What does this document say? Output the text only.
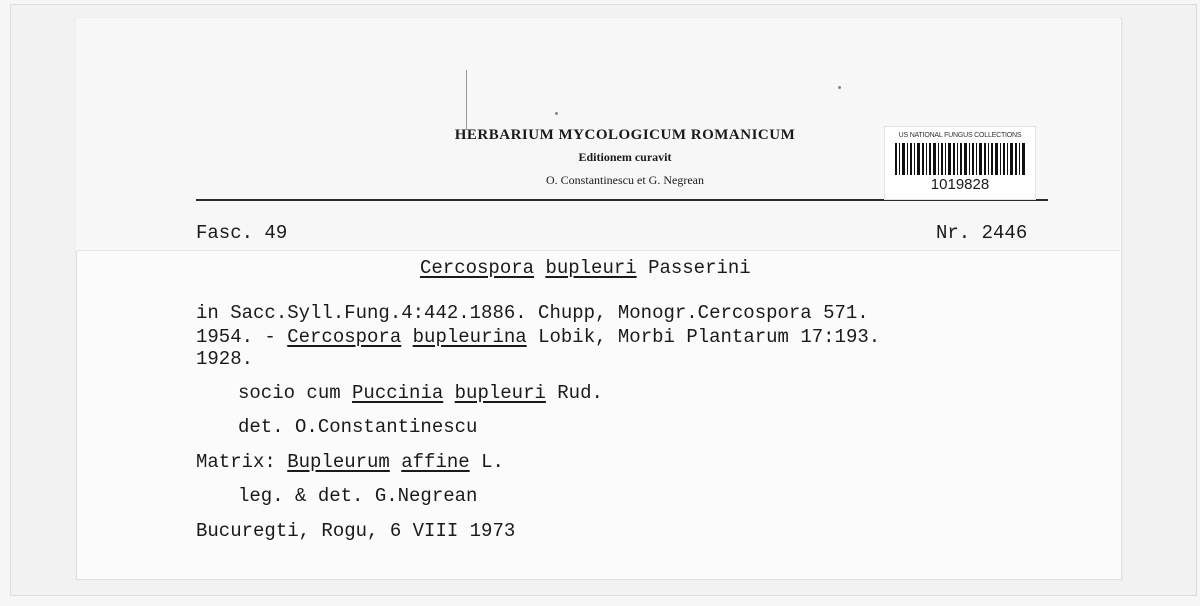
HERBARIUM MYCOLOGICUM ROMANICUM
Editionem curavit
O. Constantinescu et G. Negrean
US NATIONAL FUNGUS COLLECTIONS
1019828
Fasc. 49	Nr. 2446
Cercospora bupleuri Passerini
in Sacc.Syll.Fung.4:442.1886. Chupp, Monogr.Cercospora 571.
1954. - Cercospora bupleurina Lobik, Morbi Plantarum 17:193.
1928.
socio cum Puccinia bupleuri Rud.
det. O.Constantinescu
Matrix: Bupleurum affine L.
leg. & det. G.Negrean
Bucuregti, Rogu, 6 VIII 1973
